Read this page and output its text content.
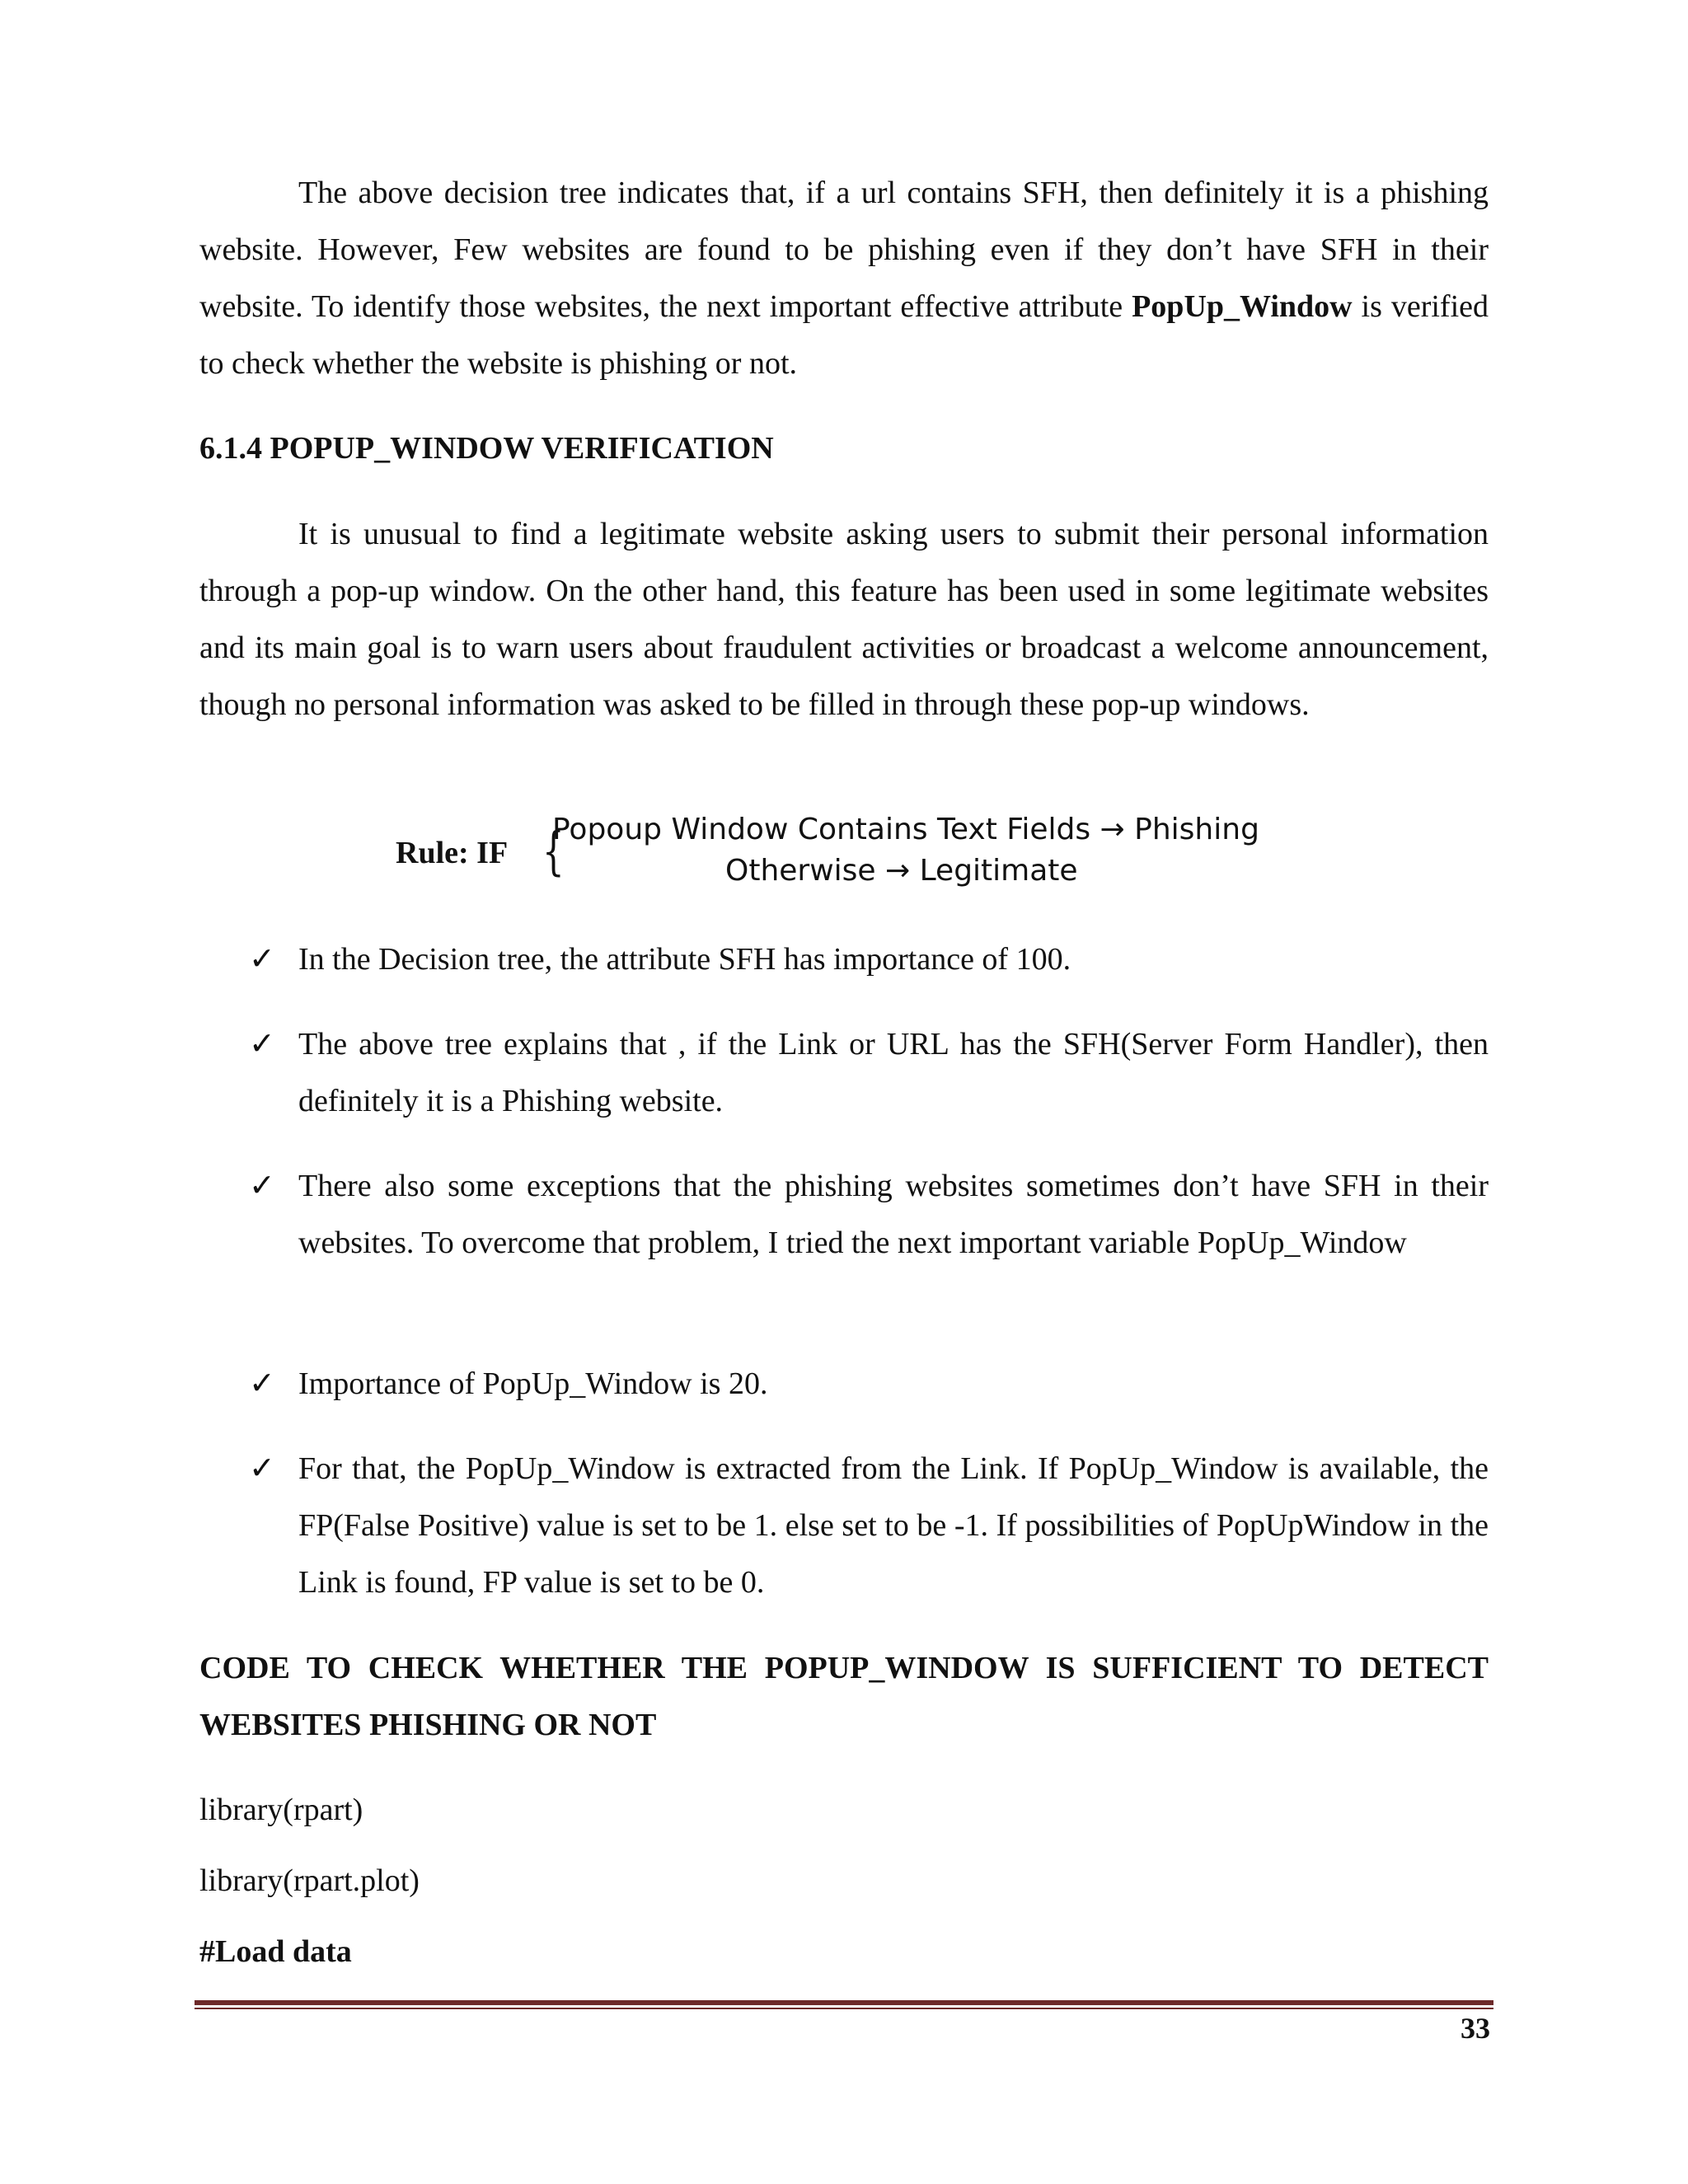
The above decision tree indicates that, if a url contains SFH, then definitely it is a phishing website. However, Few websites are found to be phishing even if they don’t have SFH in their website. To identify those websites, the next important effective attribute PopUp_Window is verified to check whether the website is phishing or not.
6.1.4 POPUP_WINDOW VERIFICATION
It is unusual to find a legitimate website asking users to submit their personal information through a pop-up window. On the other hand, this feature has been used in some legitimate websites and its main goal is to warn users about fraudulent activities or broadcast a welcome announcement, though no personal information was asked to be filled in through these pop-up windows.
Rule: IF {
Popoup Window Contains Text Fields → Phishing
Otherwise → Legitimate
✓ In the Decision tree, the attribute SFH has importance of 100.
✓ The above tree explains that , if the Link or URL has the SFH(Server Form Handler), then definitely it is a Phishing website.
✓ There also some exceptions that the phishing websites sometimes don’t have SFH in their websites. To overcome that problem, I tried the next important variable PopUp_Window
✓ Importance of PopUp_Window is 20.
✓ For that, the PopUp_Window is extracted from the Link. If PopUp_Window is available, the FP(False Positive) value is set to be 1. else set to be -1. If possibilities of PopUpWindow in the Link is found, FP value is set to be 0.
CODE TO CHECK WHETHER THE POPUP_WINDOW IS SUFFICIENT TO DETECT WEBSITES PHISHING OR NOT
library(rpart)
library(rpart.plot)
#Load data
33
